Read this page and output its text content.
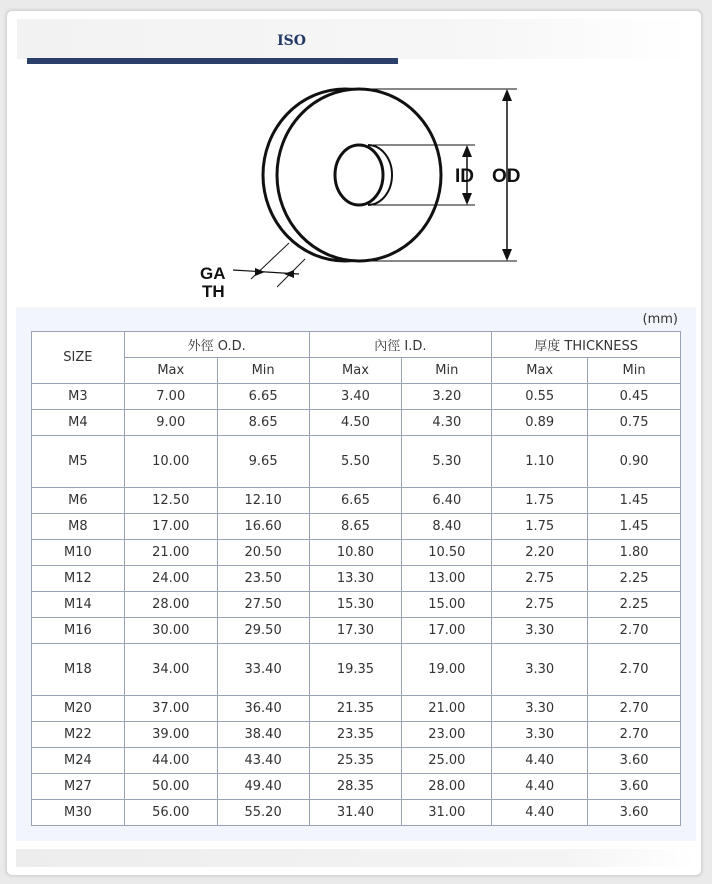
ISO
OD
ID
GA
TH
(mm)
SIZE	外徑 O.D.		內徑 I.D.		厚度 THICKNESS	
	Max	Min	Max	Min	Max	Min
M3	7.00	6.65	3.40	3.20	0.55	0.45
M4	9.00	8.65	4.50	4.30	0.89	0.75
M5	10.00	9.65	5.50	5.30	1.10	0.90
M6	12.50	12.10	6.65	6.40	1.75	1.45
M8	17.00	16.60	8.65	8.40	1.75	1.45
M10	21.00	20.50	10.80	10.50	2.20	1.80
M12	24.00	23.50	13.30	13.00	2.75	2.25
M14	28.00	27.50	15.30	15.00	2.75	2.25
M16	30.00	29.50	17.30	17.00	3.30	2.70
M18	34.00	33.40	19.35	19.00	3.30	2.70
M20	37.00	36.40	21.35	21.00	3.30	2.70
M22	39.00	38.40	23.35	23.00	3.30	2.70
M24	44.00	43.40	25.35	25.00	4.40	3.60
M27	50.00	49.40	28.35	28.00	4.40	3.60
M30	56.00	55.20	31.40	31.00	4.40	3.60
